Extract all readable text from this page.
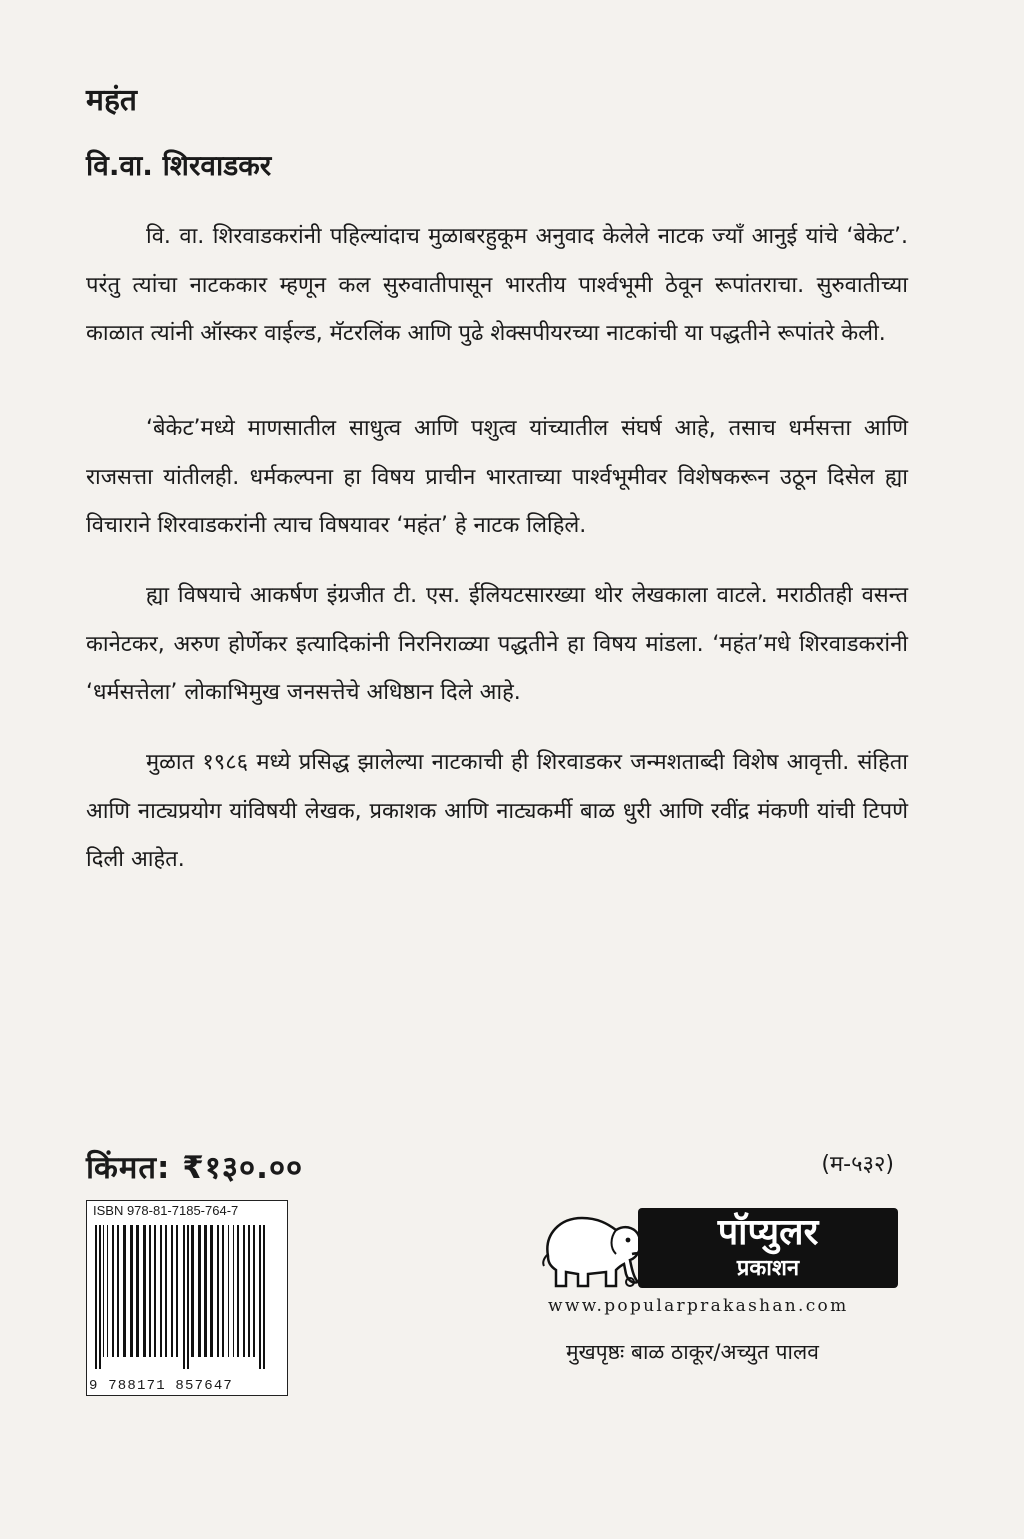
महंत
वि.वा. शिरवाडकर

वि. वा. शिरवाडकरांनी पहिल्यांदाच मुळाबरहुकूम अनुवाद केलेले नाटक ज्याँ आनुई यांचे ‘बेकेट’. परंतु त्यांचा नाटककार म्हणून कल सुरुवातीपासून भारतीय पार्श्वभूमी ठेवून रूपांतराचा. सुरुवातीच्या काळात त्यांनी ऑस्कर वाईल्ड, मॅटरलिंक आणि पुढे शेक्सपीयरच्या नाटकांची या पद्धतीने रूपांतरे केली.

‘बेकेट’मध्ये माणसातील साधुत्व आणि पशुत्व यांच्यातील संघर्ष आहे, तसाच धर्मसत्ता आणि राजसत्ता यांतीलही. धर्मकल्पना हा विषय प्राचीन भारताच्या पार्श्वभूमीवर विशेषकरून उठून दिसेल ह्या विचाराने शिरवाडकरांनी त्याच विषयावर ‘महंत’ हे नाटक लिहिले.

ह्या विषयाचे आकर्षण इंग्रजीत टी. एस. ईलियटसारख्या थोर लेखकाला वाटले. मराठीतही वसन्त कानेटकर, अरुण होर्णेकर इत्यादिकांनी निरनिराळ्या पद्धतीने हा विषय मांडला. ‘महंत’मधे शिरवाडकरांनी ‘धर्मसत्तेला’ लोकाभिमुख जनसत्तेचे अधिष्ठान दिले आहे.

मुळात १९८६ मध्ये प्रसिद्ध झालेल्या नाटकाची ही शिरवाडकर जन्मशताब्दी विशेष आवृत्ती. संहिता आणि नाट्यप्रयोग यांविषयी लेखक, प्रकाशक आणि नाट्यकर्मी बाळ धुरी आणि रवींद्र मंकणी यांची टिपणे दिली आहेत.

किंमत: ₹१३०.००	(म-५३२)
ISBN 978-81-7185-764-7
9 788171 857647
पॉप्युलर
प्रकाशन
www.popularprakashan.com
मुखपृष्ठः बाळ ठाकूर/अच्युत पालव
